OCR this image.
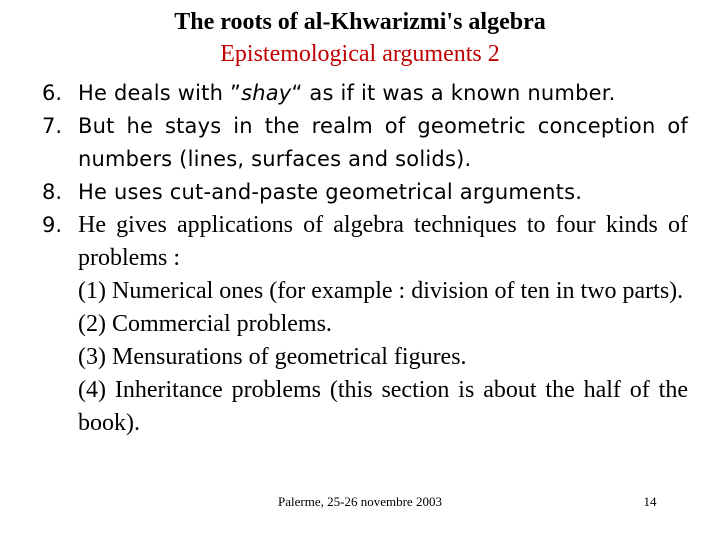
The roots of al-Khwarizmi's algebra
Epistemological arguments 2
6. He deals with ”shay“ as if it was a known number.
7. But he stays in the realm of geometric conception of numbers (lines, surfaces and solids).
8. He uses cut-and-paste geometrical arguments.
9. He gives applications of algebra techniques to four kinds of problems :
(1) Numerical ones (for example : division of ten in two parts).
(2) Commercial problems.
(3) Mensurations of geometrical figures.
(4) Inheritance problems (this section is about the half of the book).
Palerme, 25-26 novembre 2003	14
